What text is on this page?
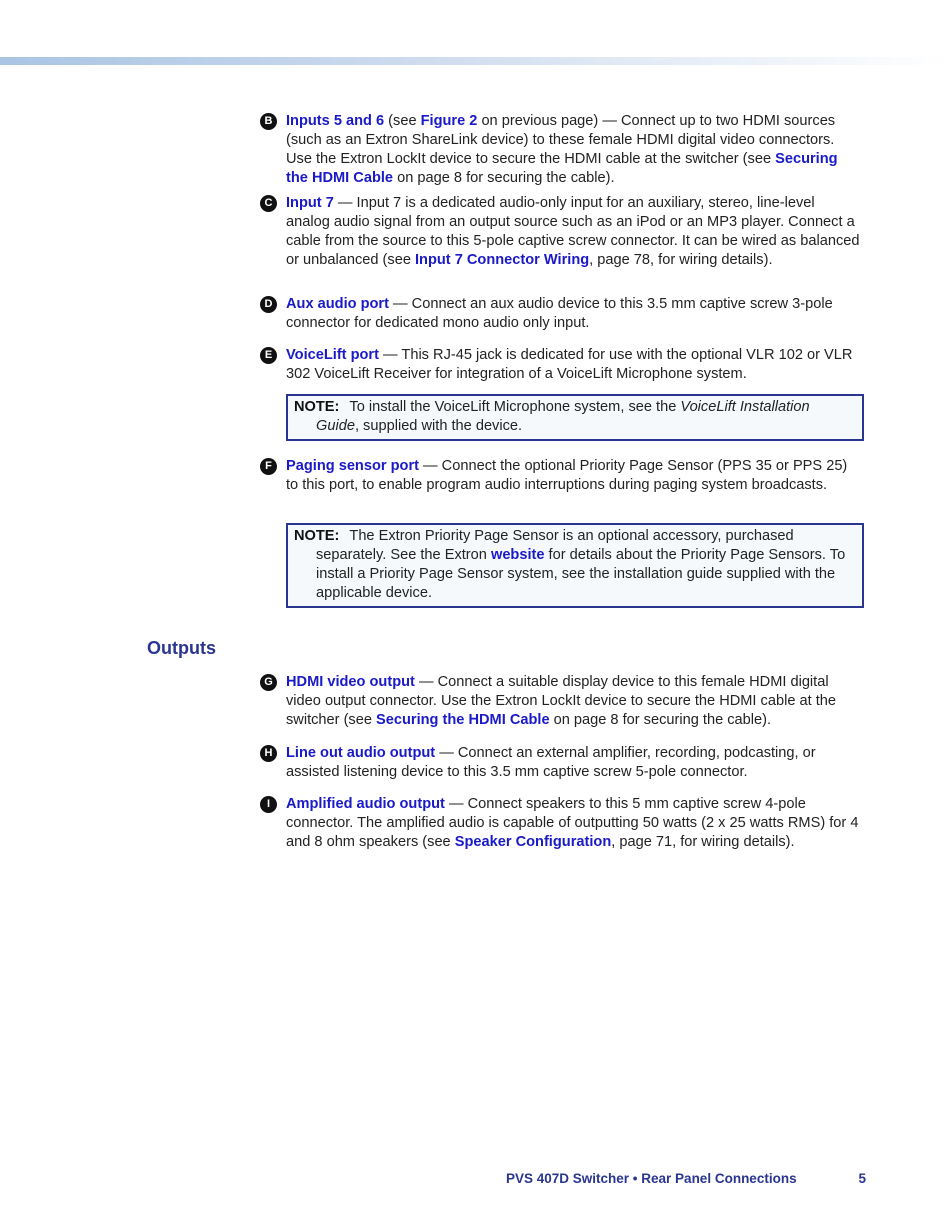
B Inputs 5 and 6 (see Figure 2 on previous page) — Connect up to two HDMI sources (such as an Extron ShareLink device) to these female HDMI digital video connectors. Use the Extron LockIt device to secure the HDMI cable at the switcher (see Securing the HDMI Cable on page 8 for securing the cable).
C Input 7 — Input 7 is a dedicated audio-only input for an auxiliary, stereo, line-level analog audio signal from an output source such as an iPod or an MP3 player. Connect a cable from the source to this 5-pole captive screw connector. It can be wired as balanced or unbalanced (see Input 7 Connector Wiring, page 78, for wiring details).
D Aux audio port — Connect an aux audio device to this 3.5 mm captive screw 3-pole connector for dedicated mono audio only input.
E VoiceLift port — This RJ-45 jack is dedicated for use with the optional VLR 102 or VLR 302 VoiceLift Receiver for integration of a VoiceLift Microphone system.
NOTE: To install the VoiceLift Microphone system, see the VoiceLift Installation
Guide, supplied with the device.
F Paging sensor port — Connect the optional Priority Page Sensor (PPS 35 or PPS 25) to this port, to enable program audio interruptions during paging system broadcasts.
NOTE: The Extron Priority Page Sensor is an optional accessory, purchased
separately. See the Extron website for details about the Priority Page Sensors. To install a Priority Page Sensor system, see the installation guide supplied with the applicable device.
Outputs
G HDMI video output — Connect a suitable display device to this female HDMI digital video output connector. Use the Extron LockIt device to secure the HDMI cable at the switcher (see Securing the HDMI Cable on page 8 for securing the cable).
H Line out audio output — Connect an external amplifier, recording, podcasting, or assisted listening device to this 3.5 mm captive screw 5-pole connector.
I	Amplified audio output — Connect speakers to this 5 mm captive screw 4-pole connector. The amplified audio is capable of outputting 50 watts (2 x 25 watts RMS) for 4 and 8 ohm speakers (see Speaker Configuration, page 71, for wiring details).
PVS 407D Switcher • Rear Panel Connections	5
